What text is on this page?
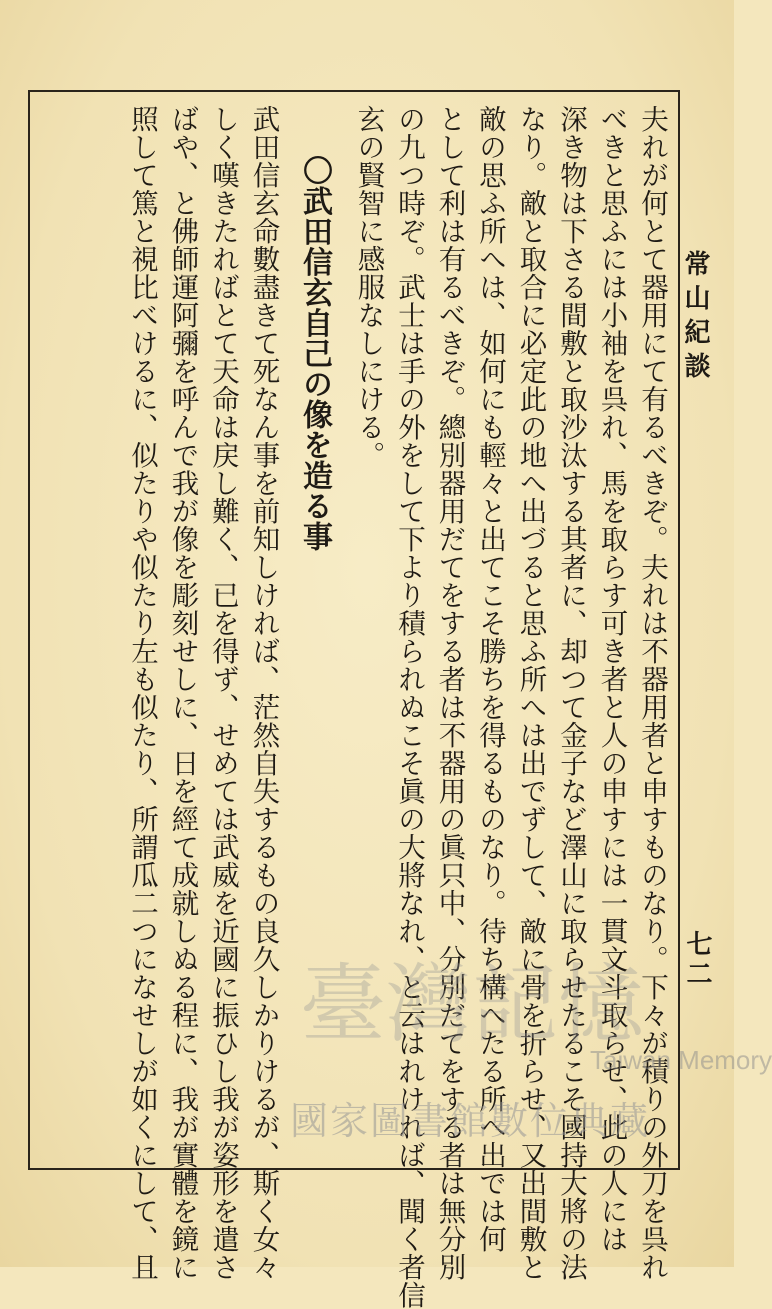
常山紀談
七二

夫れが何とて器用にて有るべきぞ。夫れは不器用者と申すものなり。下々が積りの外刀を呉れ

べきと思ふには小袖を呉れ、馬を取らす可き者と人の申すには一貫文斗取らせ、此の人には

深き物は下さる間敷と取沙汰する其者に、却つて金子など澤山に取らせたるこそ國持大將の法

なり。敵と取合に必定此の地へ出づると思ふ所へは出でずして、敵に骨を折らせ、又出間敷と

敵の思ふ所へは、如何にも輕々と出てこそ勝ちを得るものなり。待ち構へたる所へ出では何

として利は有るべきぞ。總別器用だてをする者は不器用の眞只中、分別だてをする者は無分別

の九つ時ぞ。武士は手の外をして下より積られぬこそ眞の大將なれ、と云はれければ、聞く者信

玄の賢智に感服なしにける。

〇武田信玄自己の像を造る事

武田信玄命數盡きて死なん事を前知しければ、茫然自失するもの良久しかりけるが、斯く女々

しく嘆きたればとて天命は戻し難く、已を得ず、せめては武威を近國に振ひし我が姿形を遣さ

ばや、と佛師運阿彌を呼んで我が像を彫刻せしに、日を經て成就しぬる程に、我が實體を鏡に

照して篤と視比べけるに、似たりや似たり左も似たり、所謂瓜二つになせしが如くにして、且 臺灣記憶
Taiwan Memory
國家圖書館數位典藏
